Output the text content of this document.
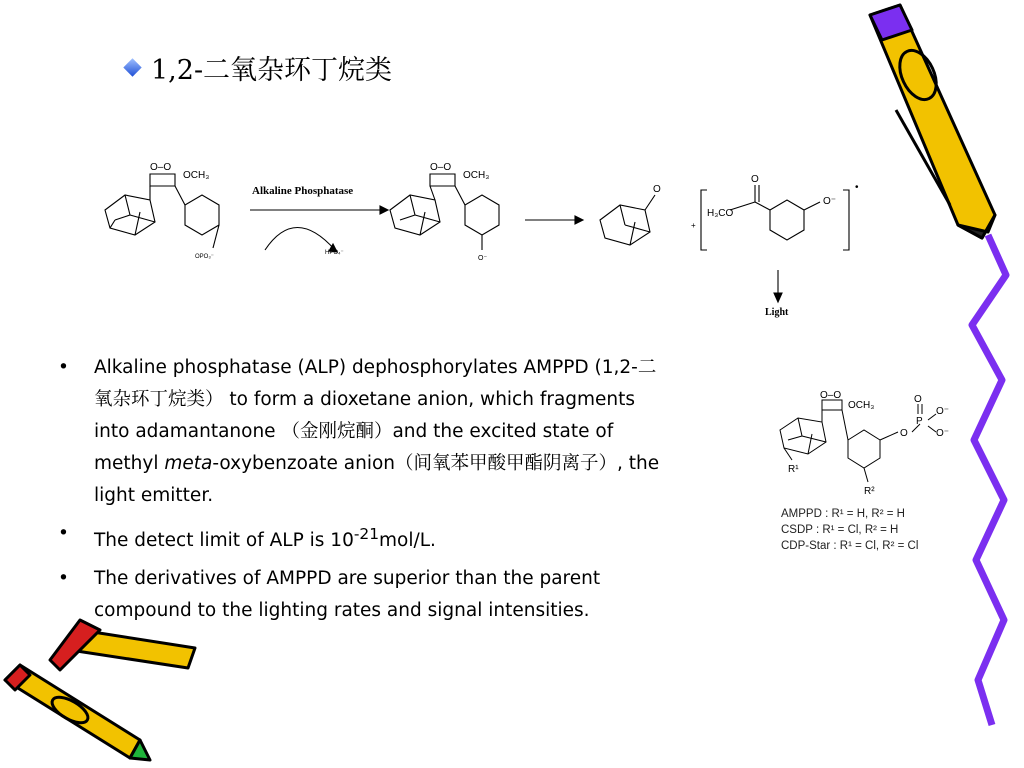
1,2-二氧杂环丁烷类
O–O
OCH₃
OPO₃⁻
Alkaline Phosphatase
HPO₄⁻
O–O
OCH₃
O⁻
O
+
H₃CO
O
O⁻
•
Light
•	Alkaline phosphatase (ALP) dephosphorylates AMPPD (1,2-二氧杂环丁烷类） to form a dioxetane anion, which fragments into adamantanone （金刚烷酮）and the excited state of methyl meta-oxybenzoate anion（间氧苯甲酸甲酯阴离子）, the light emitter.
•	The detect limit of ALP is $10^{-21}mol/L$.
•	The derivatives of AMPPD are superior than the parent compound to the lighting rates and signal intensities.
O–O
OCH₃
R¹
R²
O
P
O
O⁻
O⁻
AMPPD : R¹ = H, R² = H
CSDP : R¹ = Cl, R² = H
CDP-Star : R¹ = Cl, R² = Cl
